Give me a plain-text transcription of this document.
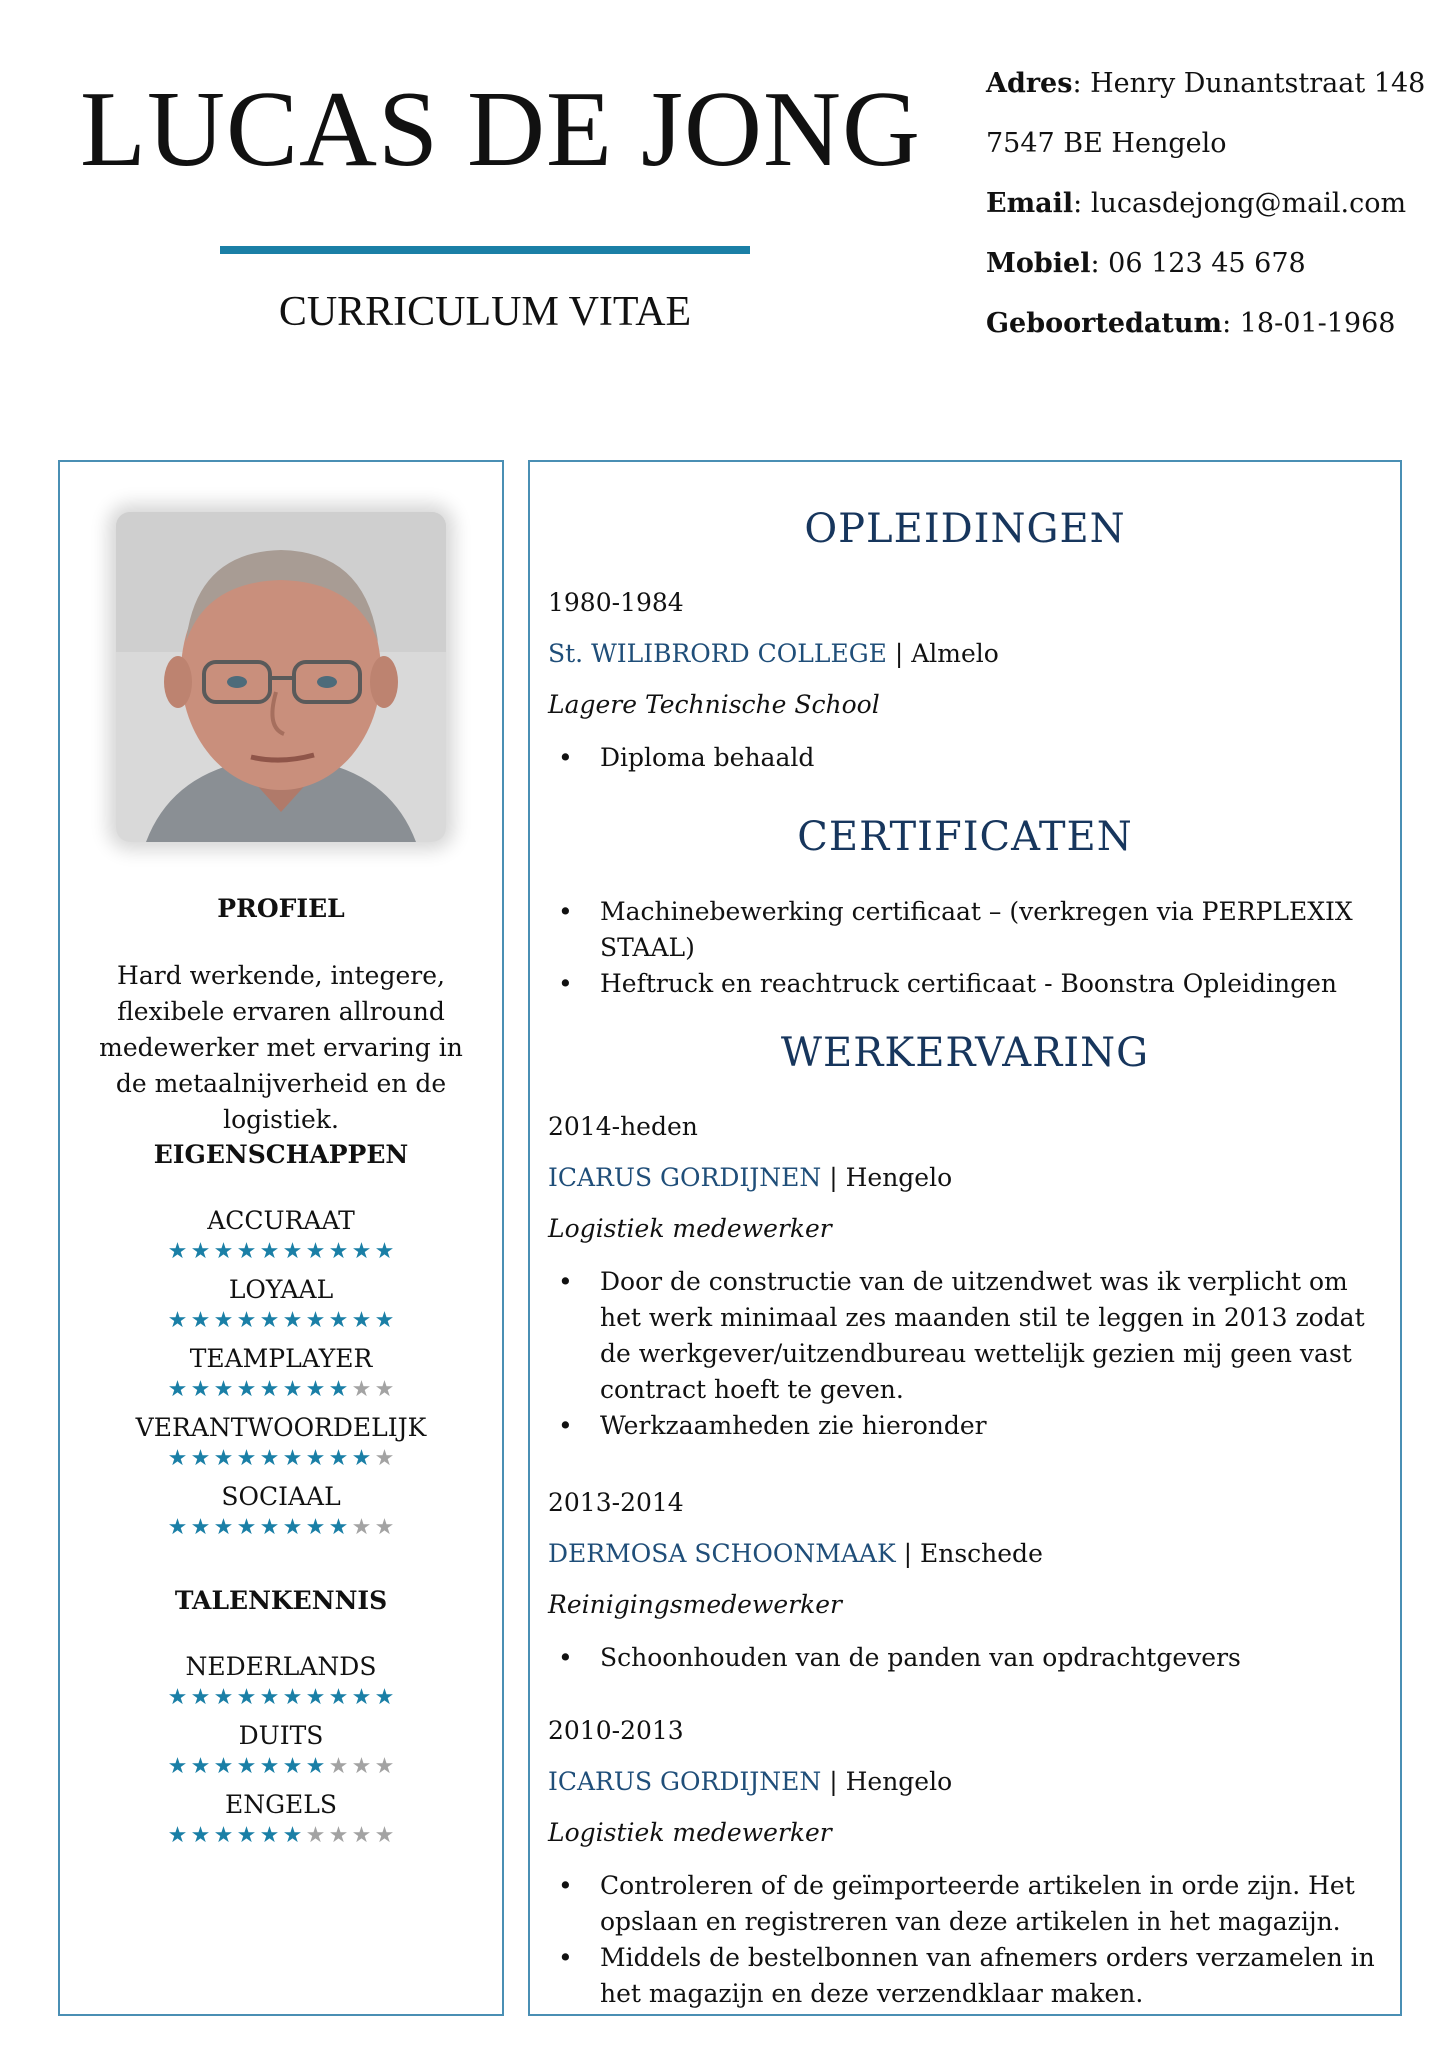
LUCAS DE JONG
CURRICULUM VITAE
Adres: Henry Dunantstraat 148
7547 BE Hengelo
Email: lucasdejong@mail.com
Mobiel: 06 123 45 678
Geboortedatum: 18-01-1968
PROFIEL
Hard werkende, integere, flexibele ervaren allround medewerker met ervaring in de metaalnijverheid en de logistiek.
EIGENSCHAPPEN
ACCURAAT
★ ★ ★ ★ ★ ★ ★ ★ ★ ★
LOYAAL
★ ★ ★ ★ ★ ★ ★ ★ ★ ★
TEAMPLAYER
★ ★ ★ ★ ★ ★ ★ ★ ★ ★
VERANTWOORDELIJK
★ ★ ★ ★ ★ ★ ★ ★ ★ ★
SOCIAAL
★ ★ ★ ★ ★ ★ ★ ★ ★ ★
TALENKENNIS
NEDERLANDS
★ ★ ★ ★ ★ ★ ★ ★ ★ ★
DUITS
★ ★ ★ ★ ★ ★ ★ ★ ★ ★
ENGELS
★ ★ ★ ★ ★ ★ ★ ★ ★ ★
OPLEIDINGEN
1980-1984
St. WILIBRORD COLLEGE | Almelo
Lagere Technische School
• Diploma behaald
CERTIFICATEN
• Machinebewerking certificaat – (verkregen via PERPLEXIX STAAL)
• Heftruck en reachtruck certificaat - Boonstra Opleidingen
WERKERVARING
2014-heden
ICARUS GORDIJNEN | Hengelo
Logistiek medewerker
• Door de constructie van de uitzendwet was ik verplicht om het werk minimaal zes maanden stil te leggen in 2013 zodat de werkgever/uitzendbureau wettelijk gezien mij geen vast contract hoeft te geven.
• Werkzaamheden zie hieronder
2013-2014
DERMOSA SCHOONMAAK | Enschede
Reinigingsmedewerker
• Schoonhouden van de panden van opdrachtgevers
2010-2013
ICARUS GORDIJNEN | Hengelo
Logistiek medewerker
• Controleren of de geïmporteerde artikelen in orde zijn. Het opslaan en registreren van deze artikelen in het magazijn.
• Middels de bestelbonnen van afnemers orders verzamelen in het magazijn en deze verzendklaar maken.
